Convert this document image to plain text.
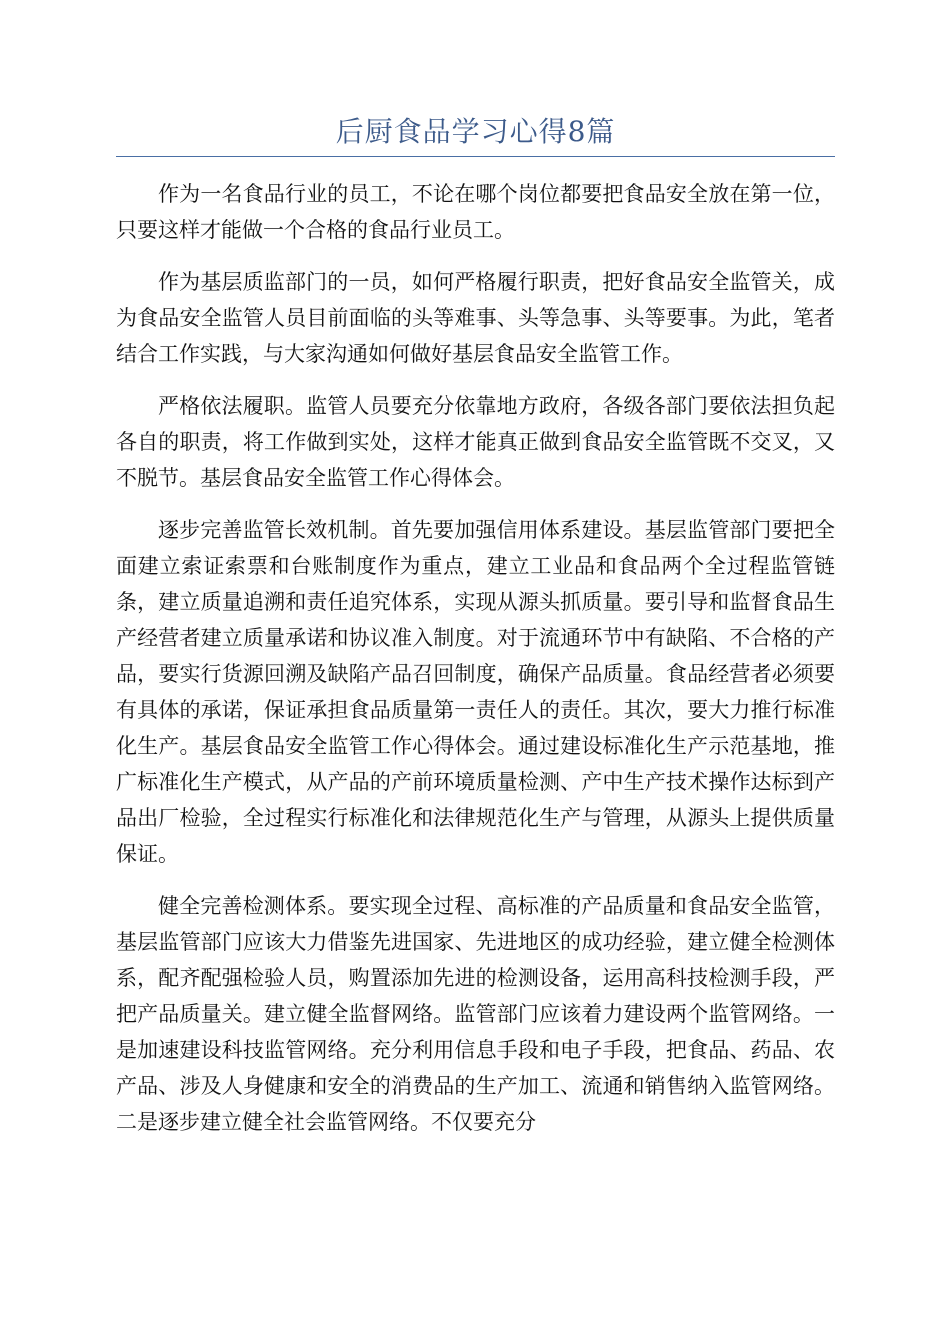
后厨食品学习心得8篇

作为一名食品行业的员工，不论在哪个岗位都要把食品安全放在第一位，只要这样才能做一个合格的食品行业员工。

作为基层质监部门的一员，如何严格履行职责，把好食品安全监管关，成为食品安全监管人员目前面临的头等难事、头等急事、头等要事。为此，笔者结合工作实践，与大家沟通如何做好基层食品安全监管工作。

严格依法履职。监管人员要充分依靠地方政府，各级各部门要依法担负起各自的职责，将工作做到实处，这样才能真正做到食品安全监管既不交叉，又不脱节。基层食品安全监管工作心得体会。

逐步完善监管长效机制。首先要加强信用体系建设。基层监管部门要把全面建立索证索票和台账制度作为重点，建立工业品和食品两个全过程监管链条，建立质量追溯和责任追究体系，实现从源头抓质量。要引导和监督食品生产经营者建立质量承诺和协议准入制度。对于流通环节中有缺陷、不合格的产品，要实行货源回溯及缺陷产品召回制度，确保产品质量。食品经营者必须要有具体的承诺，保证承担食品质量第一责任人的责任。其次，要大力推行标准化生产。基层食品安全监管工作心得体会。通过建设标准化生产示范基地，推广标准化生产模式，从产品的产前环境质量检测、产中生产技术操作达标到产品出厂检验，全过程实行标准化和法律规范化生产与管理，从源头上提供质量保证。

健全完善检测体系。要实现全过程、高标准的产品质量和食品安全监管，基层监管部门应该大力借鉴先进国家、先进地区的成功经验，建立健全检测体系，配齐配强检验人员，购置添加先进的检测设备，运用高科技检测手段，严把产品质量关。建立健全监督网络。监管部门应该着力建设两个监管网络。一是加速建设科技监管网络。充分利用信息手段和电子手段，把食品、药品、农产品、涉及人身健康和安全的消费品的生产加工、流通和销售纳入监管网络。二是逐步建立健全社会监管网络。不仅要充分
